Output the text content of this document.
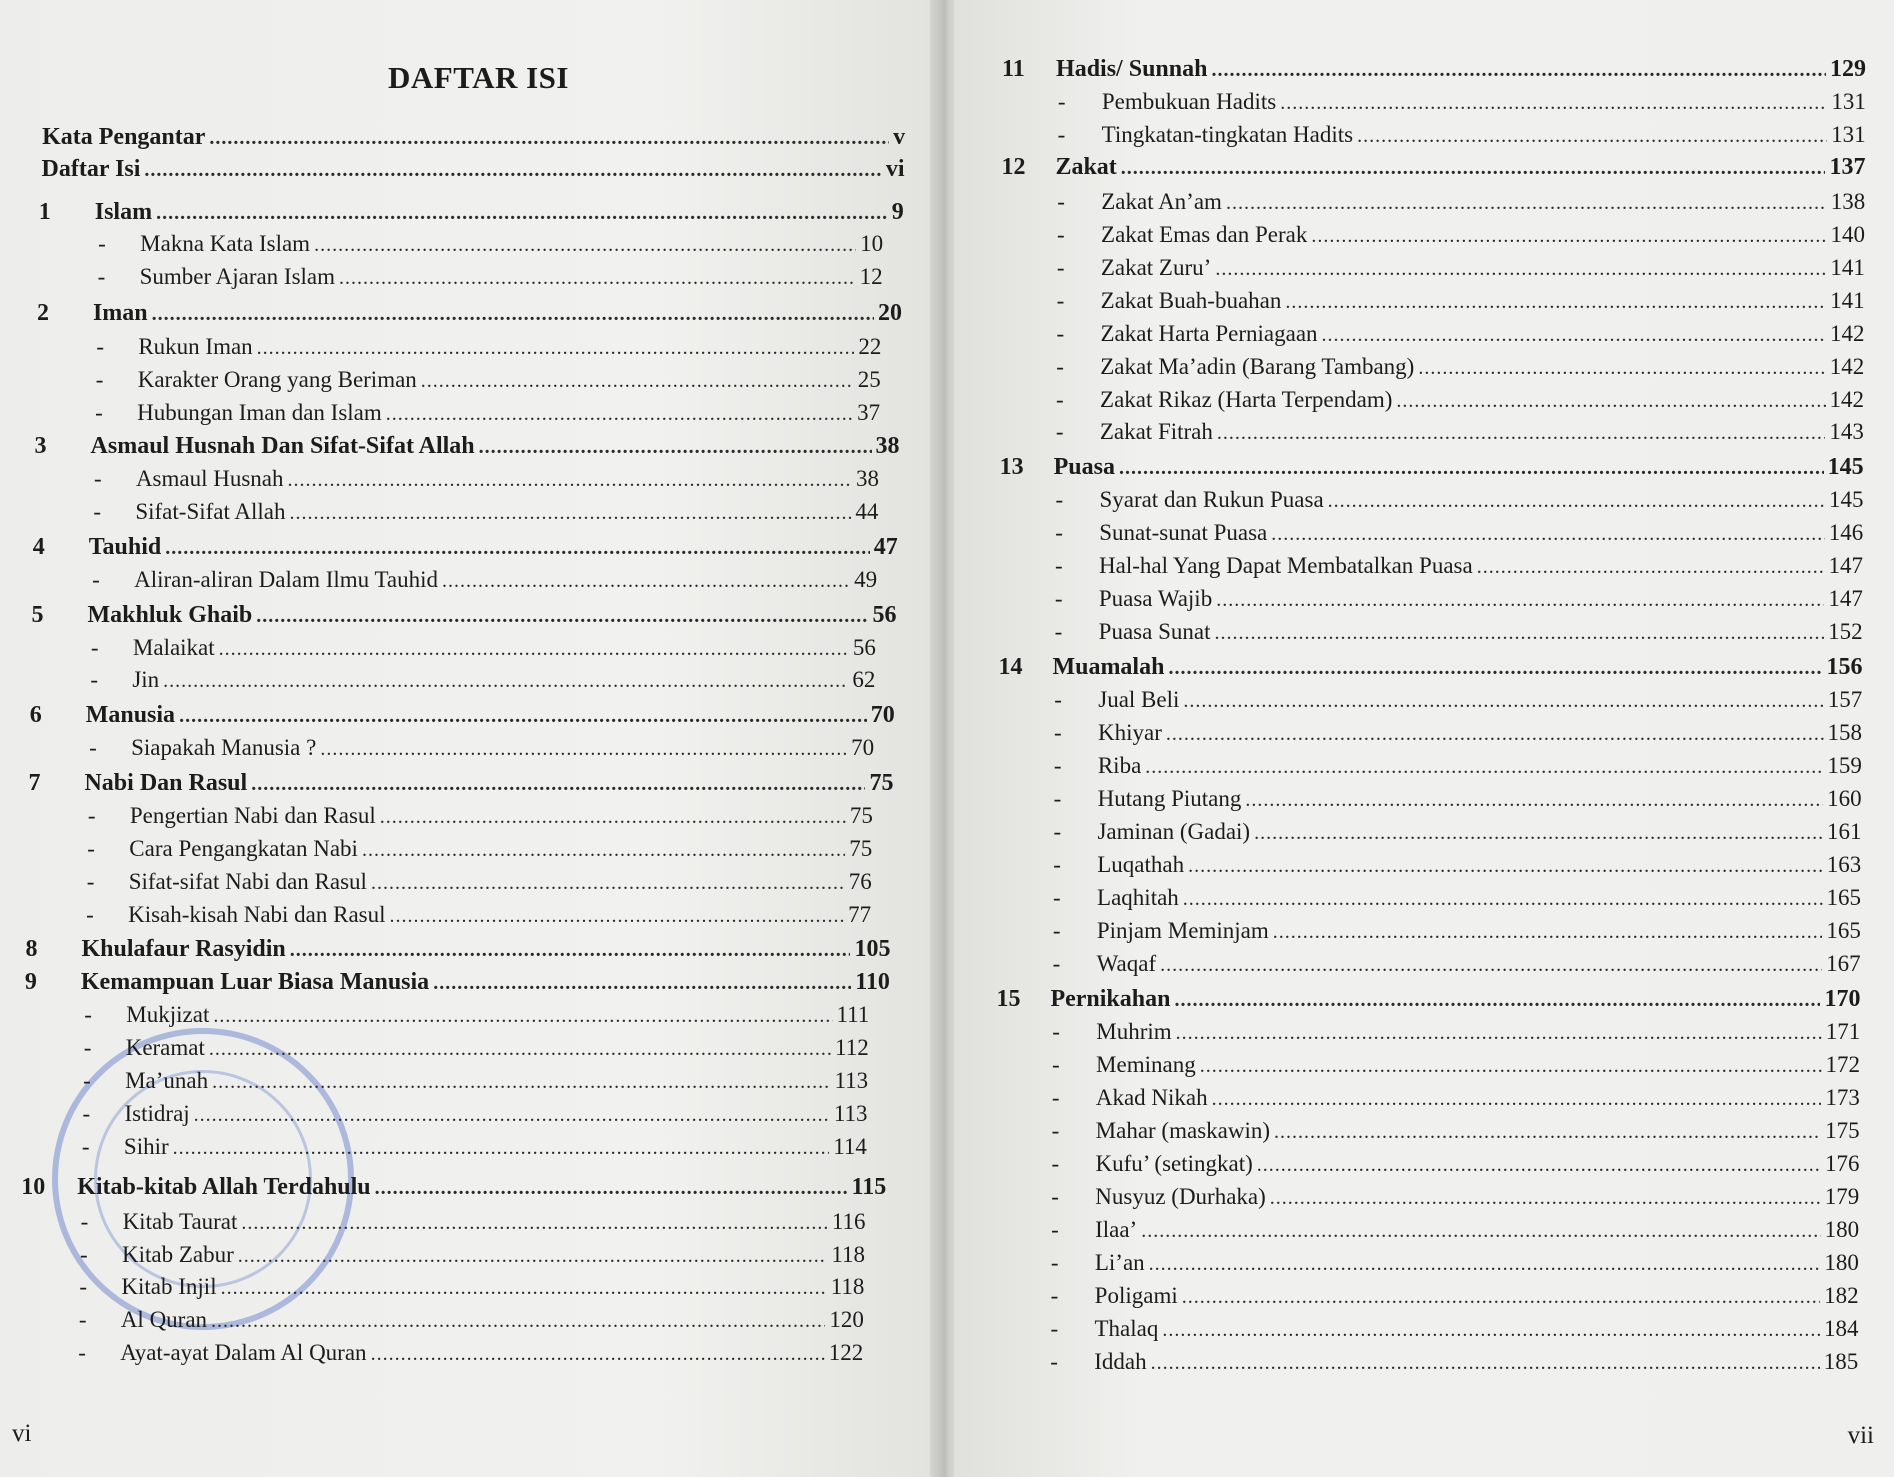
DAFTAR ISI
Kata Pengantar .....	v
Daftar Isi .....	vi
1 Islam .....	9
- Makna Kata Islam .....	10
- Sumber Ajaran Islam .....	12
2 Iman .....	20
- Rukun Iman .....	22
- Karakter Orang yang Beriman .....	25
- Hubungan Iman dan Islam .....	37
3 Asmaul Husnah Dan Sifat-Sifat Allah .....	38
- Asmaul Husnah .....	38
- Sifat-Sifat Allah .....	44
4 Tauhid .....	47
- Aliran-aliran Dalam Ilmu Tauhid .....	49
5 Makhluk Ghaib .....	56
- Malaikat .....	56
- Jin .....	62
6 Manusia .....	70
- Siapakah Manusia ? .....	70
7 Nabi Dan Rasul .....	75
- Pengertian Nabi dan Rasul .....	75
- Cara Pengangkatan Nabi .....	75
- Sifat-sifat Nabi dan Rasul .....	76
- Kisah-kisah Nabi dan Rasul .....	77
8 Khulafaur Rasyidin .....	105
9 Kemampuan Luar Biasa Manusia .....	110
- Mukjizat .....	111
- Keramat .....	112
- Ma’unah .....	113
- Istidraj .....	113
- Sihir .....	114
10 Kitab-kitab Allah Terdahulu .....	115
- Kitab Taurat .....	116
- Kitab Zabur .....	118
- Kitab Injil .....	118
- Al Quran .....	120
- Ayat-ayat Dalam Al Quran .....	122
vi
11 Hadis/ Sunnah .....	129
- Pembukuan Hadits .....	131
- Tingkatan-tingkatan Hadits .....	131
12 Zakat .....	137
- Zakat An’am .....	138
- Zakat Emas dan Perak .....	140
- Zakat Zuru’ .....	141
- Zakat Buah-buahan .....	141
- Zakat Harta Perniagaan .....	142
- Zakat Ma’adin (Barang Tambang) .....	142
- Zakat Rikaz (Harta Terpendam) .....	142
- Zakat Fitrah .....	143
13 Puasa .....	145
- Syarat dan Rukun Puasa .....	145
- Sunat-sunat Puasa .....	146
- Hal-hal Yang Dapat Membatalkan Puasa .....	147
- Puasa Wajib .....	147
- Puasa Sunat .....	152
14 Muamalah .....	156
- Jual Beli .....	157
- Khiyar .....	158
- Riba .....	159
- Hutang Piutang .....	160
- Jaminan (Gadai) .....	161
- Luqathah .....	163
- Laqhitah .....	165
- Pinjam Meminjam .....	165
- Waqaf .....	167
15 Pernikahan .....	170
- Muhrim .....	171
- Meminang .....	172
- Akad Nikah .....	173
- Mahar (maskawin) .....	175
- Kufu’ (setingkat) .....	176
- Nusyuz (Durhaka) .....	179
- Ilaa’ .....	180
- Li’an .....	180
- Poligami .....	182
- Thalaq .....	184
- Iddah .....	185
vii
